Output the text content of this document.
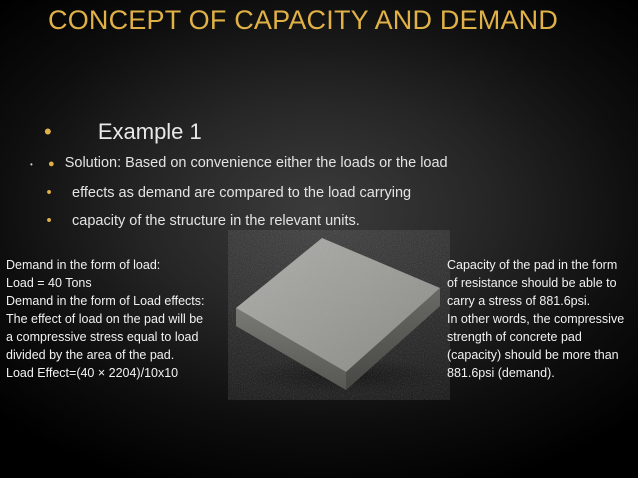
CONCEPT OF CAPACITY AND DEMAND
• Example 1
• ● Solution: Based on convenience either the loads or the load
• effects as demand are compared to the load carrying
• capacity of the structure in the relevant units.
Demand in the form of load:
Load = 40 Tons
Demand in the form of Load effects:
The effect of load on the pad will be
a compressive stress equal to load
divided by the area of the pad.
Load Effect=(40 × 2204)/10x10
Capacity of the pad in the form
of resistance should be able to
carry a stress of 881.6psi.
In other words, the compressive
strength of concrete pad
(capacity) should be more than
881.6psi (demand).
